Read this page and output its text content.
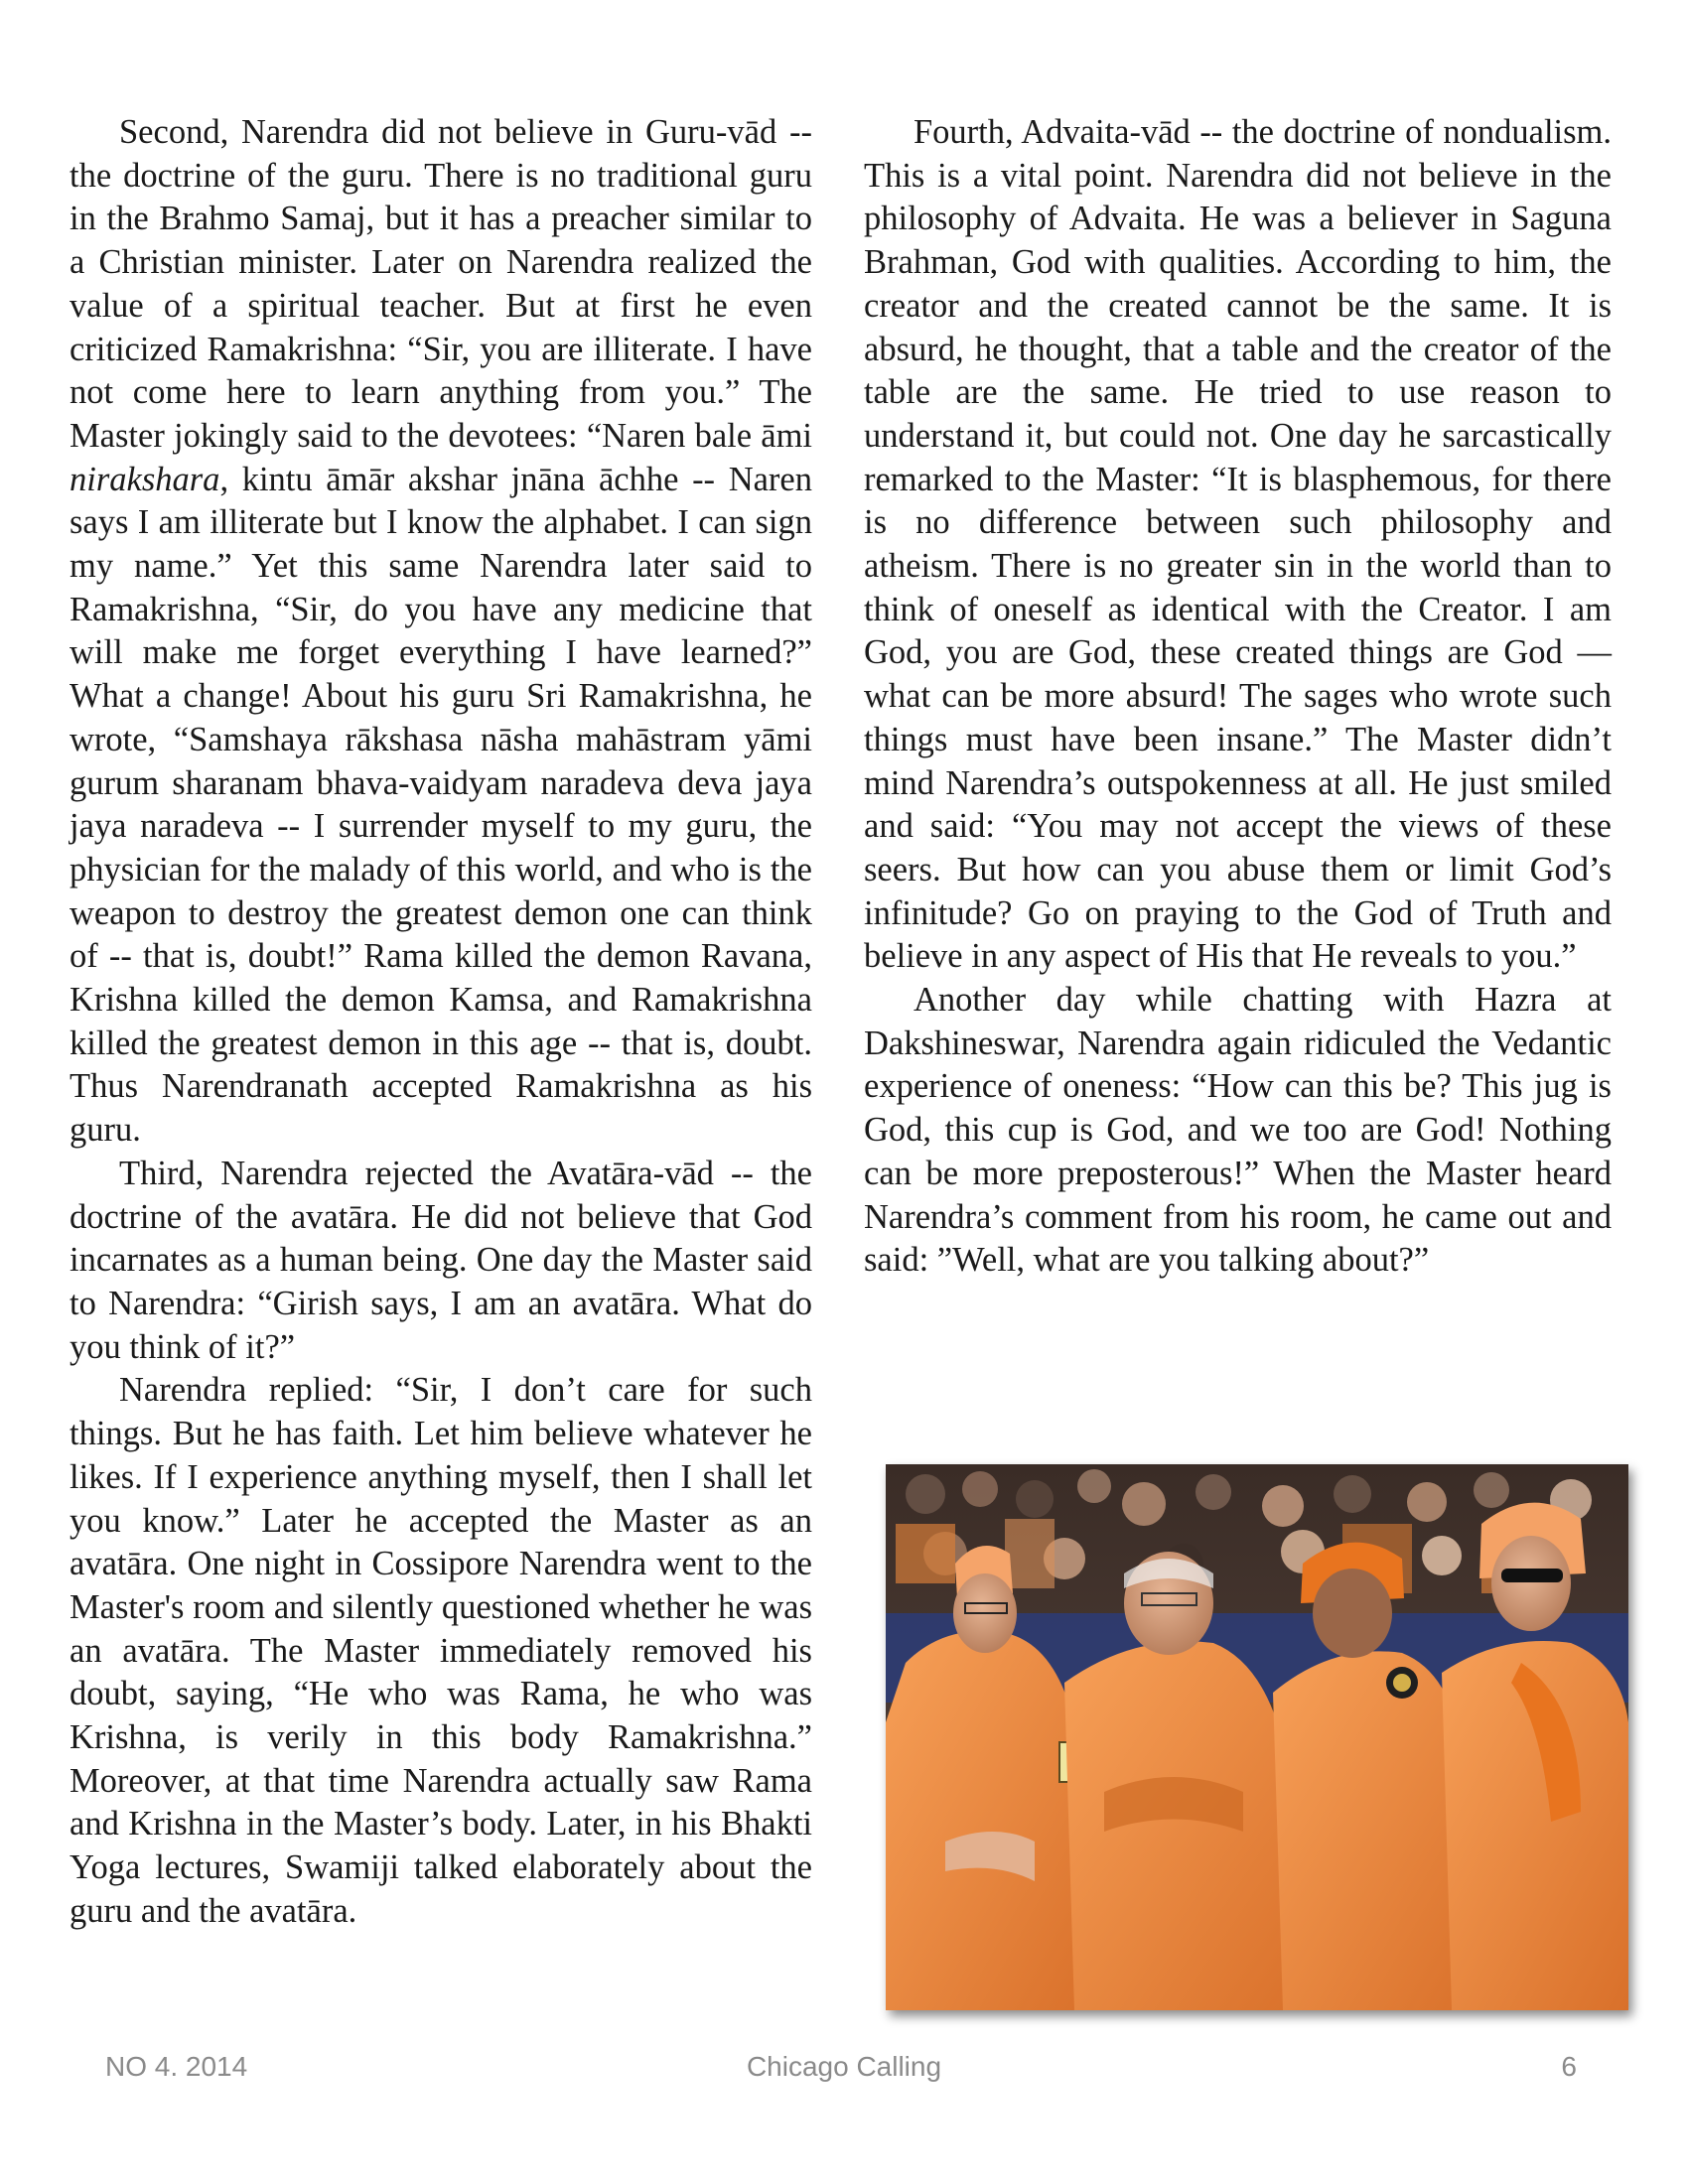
Second, Narendra did not believe in Guru-vād -- the doctrine of the guru. There is no traditional guru in the Brahmo Samaj, but it has a preacher similar to a Christian minister. Later on Narendra realized the value of a spiritual teacher. But at first he even criticized Ramakrishna: “Sir, you are illiterate. I have not come here to learn anything from you.” The Master jokingly said to the devotees: “Naren bale āmi nirakshara, kintu āmār akshar jnāna āchhe -- Naren says I am illiterate but I know the alphabet. I can sign my name.” Yet this same Narendra later said to Ramakrishna, “Sir, do you have any medicine that will make me forget everything I have learned?” What a change! About his guru Sri Ramakrishna, he wrote, “Samshaya rākshasa nāsha mahāstram yāmi gurum sharanam bhava-vaidyam naradeva deva jaya jaya naradeva -- I surrender myself to my guru, the physician for the malady of this world, and who is the weapon to destroy the greatest demon one can think of -- that is, doubt!” Rama killed the demon Ravana, Krishna killed the demon Kamsa, and Ramakrishna killed the greatest demon in this age -- that is, doubt. Thus Narendranath accepted Ramakrishna as his guru.

Third, Narendra rejected the Avatāra-vād -- the doctrine of the avatāra. He did not believe that God incarnates as a human being. One day the Master said to Narendra: “Girish says, I am an avatāra. What do you think of it?”

Narendra replied: “Sir, I don’t care for such things. But he has faith. Let him believe whatever he likes. If I experience anything myself, then I shall let you know.” Later he accepted the Master as an avatāra. One night in Cossipore Narendra went to the Master's room and silently questioned whether he was an avatāra. The Master immediately removed his doubt, saying, “He who was Rama, he who was Krishna, is verily in this body Ramakrishna.” Moreover, at that time Narendra actually saw Rama and Krishna in the Master’s body. Later, in his Bhakti Yoga lectures, Swamiji talked elaborately about the guru and the avatāra.

Fourth, Advaita-vād -- the doctrine of nondualism. This is a vital point. Narendra did not believe in the philosophy of Advaita. He was a believer in Saguna Brahman, God with qualities. According to him, the creator and the created cannot be the same. It is absurd, he thought, that a table and the creator of the table are the same. He tried to use reason to understand it, but could not. One day he sarcastically remarked to the Master: “It is blasphemous, for there is no difference between such philosophy and atheism. There is no greater sin in the world than to think of oneself as identical with the Creator. I am God, you are God, these created things are God — what can be more absurd! The sages who wrote such things must have been insane.” The Master didn’t mind Narendra’s outspokenness at all. He just smiled and said: “You may not accept the views of these seers. But how can you abuse them or limit God’s infinitude? Go on praying to the God of Truth and believe in any aspect of His that He reveals to you.”

Another day while chatting with Hazra at Dakshineswar, Narendra again ridiculed the Vedantic experience of oneness: “How can this be? This jug is God, this cup is God, and we too are God! Nothing can be more preposterous!” When the Master heard Narendra’s comment from his room, he came out and said: ”Well, what are you talking about?”

NO 4. 2014	Chicago Calling	6
